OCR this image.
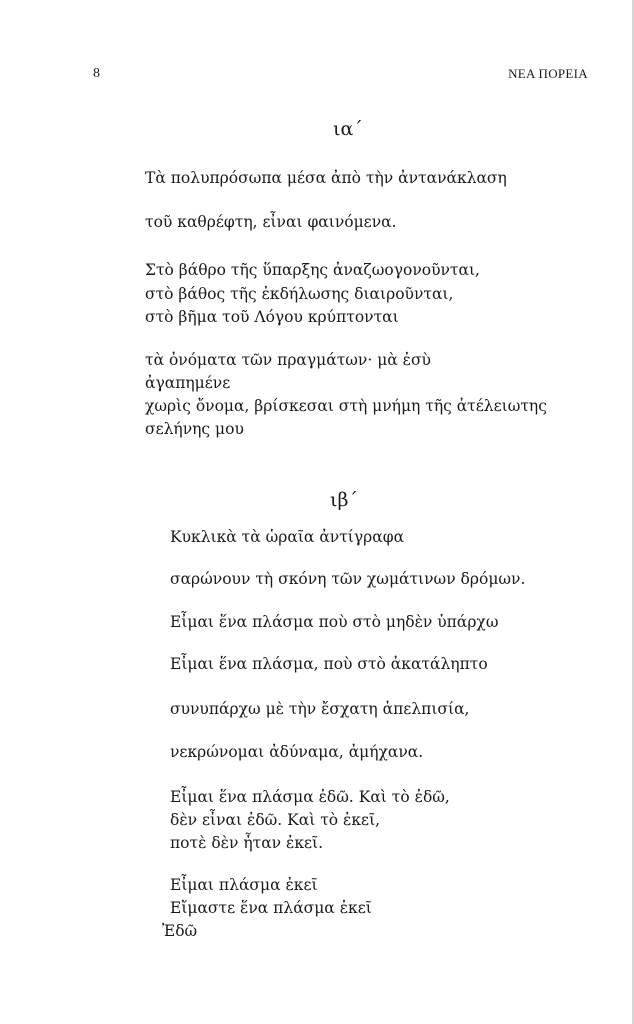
8	ΝΕΑ ΠΟΡΕΙΑ
ια΄
Τὰ πολυπρόσωπα μέσα ἀπὸ τὴν ἀντανάκλαση
τοῦ καθρέφτη, εἶναι φαινόμενα.
Στὸ βάθρο τῆς ὕπαρξης ἀναζωογονοῦνται,
στὸ βάθος τῆς ἐκδήλωσης διαιροῦνται,
στὸ βῆμα τοῦ Λόγου κρύπτονται
τὰ ὀνόματα τῶν πραγμάτων· μὰ ἐσὺ
ἀγαπημένε
χωρὶς ὄνομα, βρίσκεσαι στὴ μνήμη τῆς ἀτέλειωτης
σελήνης μου
ιβ΄
Κυκλικὰ τὰ ὡραῖα ἀντίγραφα
σαρώνουν τὴ σκόνη τῶν χωμάτινων δρόμων.
Εἶμαι ἕνα πλάσμα ποὺ στὸ μηδὲν ὑπάρχω
Εἶμαι ἕνα πλάσμα, ποὺ στὸ ἀκατάληπτο
συνυπάρχω μὲ τὴν ἔσχατη ἀπελπισία,
νεκρώνομαι ἀδύναμα, ἀμήχανα.
Εἶμαι ἕνα πλάσμα ἐδῶ. Καὶ τὸ ἐδῶ,
δὲν εἶναι ἐδῶ. Καὶ τὸ ἐκεῖ,
ποτὲ δὲν ἦταν ἐκεῖ.
Εἶμαι πλάσμα ἐκεῖ
Εἴμαστε ἕνα πλάσμα ἐκεῖ
Ἐδῶ
